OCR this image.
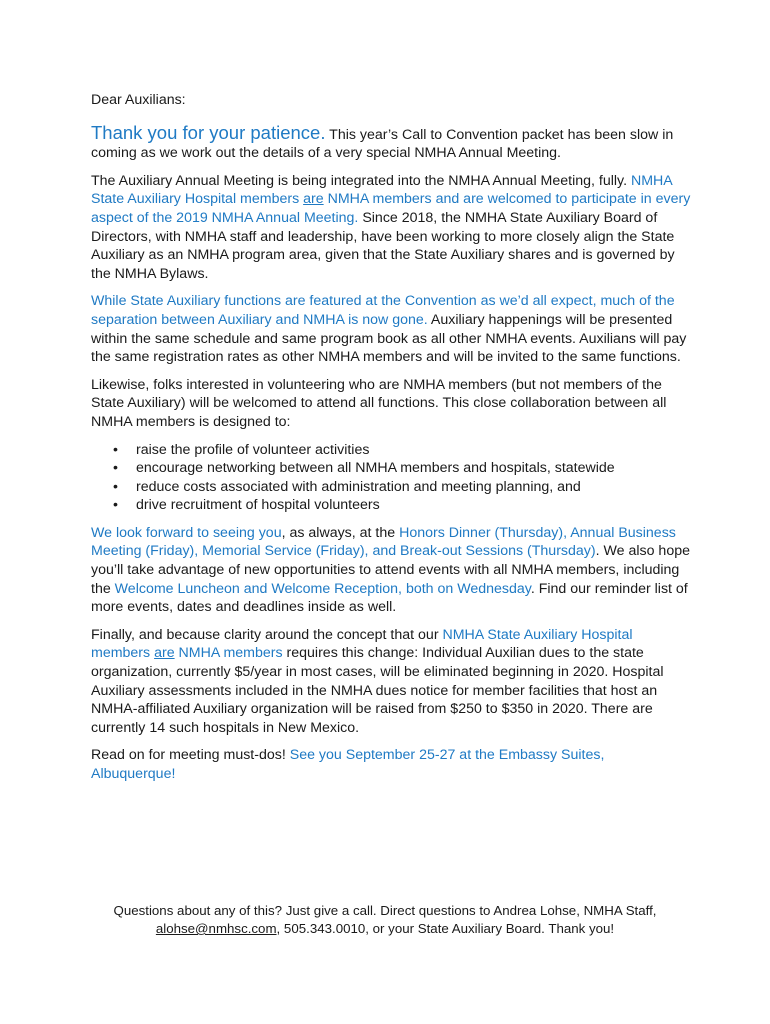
Dear Auxilians:

Thank you for your patience. This year’s Call to Convention packet has been slow in coming as we work out the details of a very special NMHA Annual Meeting.

The Auxiliary Annual Meeting is being integrated into the NMHA Annual Meeting, fully. NMHA State Auxiliary Hospital members are NMHA members and are welcomed to participate in every aspect of the 2019 NMHA Annual Meeting. Since 2018, the NMHA State Auxiliary Board of Directors, with NMHA staff and leadership, have been working to more closely align the State Auxiliary as an NMHA program area, given that the State Auxiliary shares and is governed by the NMHA Bylaws.

While State Auxiliary functions are featured at the Convention as we’d all expect, much of the separation between Auxiliary and NMHA is now gone. Auxiliary happenings will be presented within the same schedule and same program book as all other NMHA events. Auxilians will pay the same registration rates as other NMHA members and will be invited to the same functions.

Likewise, folks interested in volunteering who are NMHA members (but not members of the State Auxiliary) will be welcomed to attend all functions. This close collaboration between all NMHA members is designed to:

• raise the profile of volunteer activities
• encourage networking between all NMHA members and hospitals, statewide
• reduce costs associated with administration and meeting planning, and
• drive recruitment of hospital volunteers

We look forward to seeing you, as always, at the Honors Dinner (Thursday), Annual Business Meeting (Friday), Memorial Service (Friday), and Break-out Sessions (Thursday). We also hope you’ll take advantage of new opportunities to attend events with all NMHA members, including the Welcome Luncheon and Welcome Reception, both on Wednesday. Find our reminder list of more events, dates and deadlines inside as well.

Finally, and because clarity around the concept that our NMHA State Auxiliary Hospital members are NMHA members requires this change: Individual Auxilian dues to the state organization, currently $5/year in most cases, will be eliminated beginning in 2020. Hospital Auxiliary assessments included in the NMHA dues notice for member facilities that host an NMHA-affiliated Auxiliary organization will be raised from $250 to $350 in 2020. There are currently 14 such hospitals in New Mexico.

Read on for meeting must-dos! See you September 25-27 at the Embassy Suites, Albuquerque!

Questions about any of this? Just give a call. Direct questions to Andrea Lohse, NMHA Staff,
alohse@nmhsc.com, 505.343.0010, or your State Auxiliary Board. Thank you!
